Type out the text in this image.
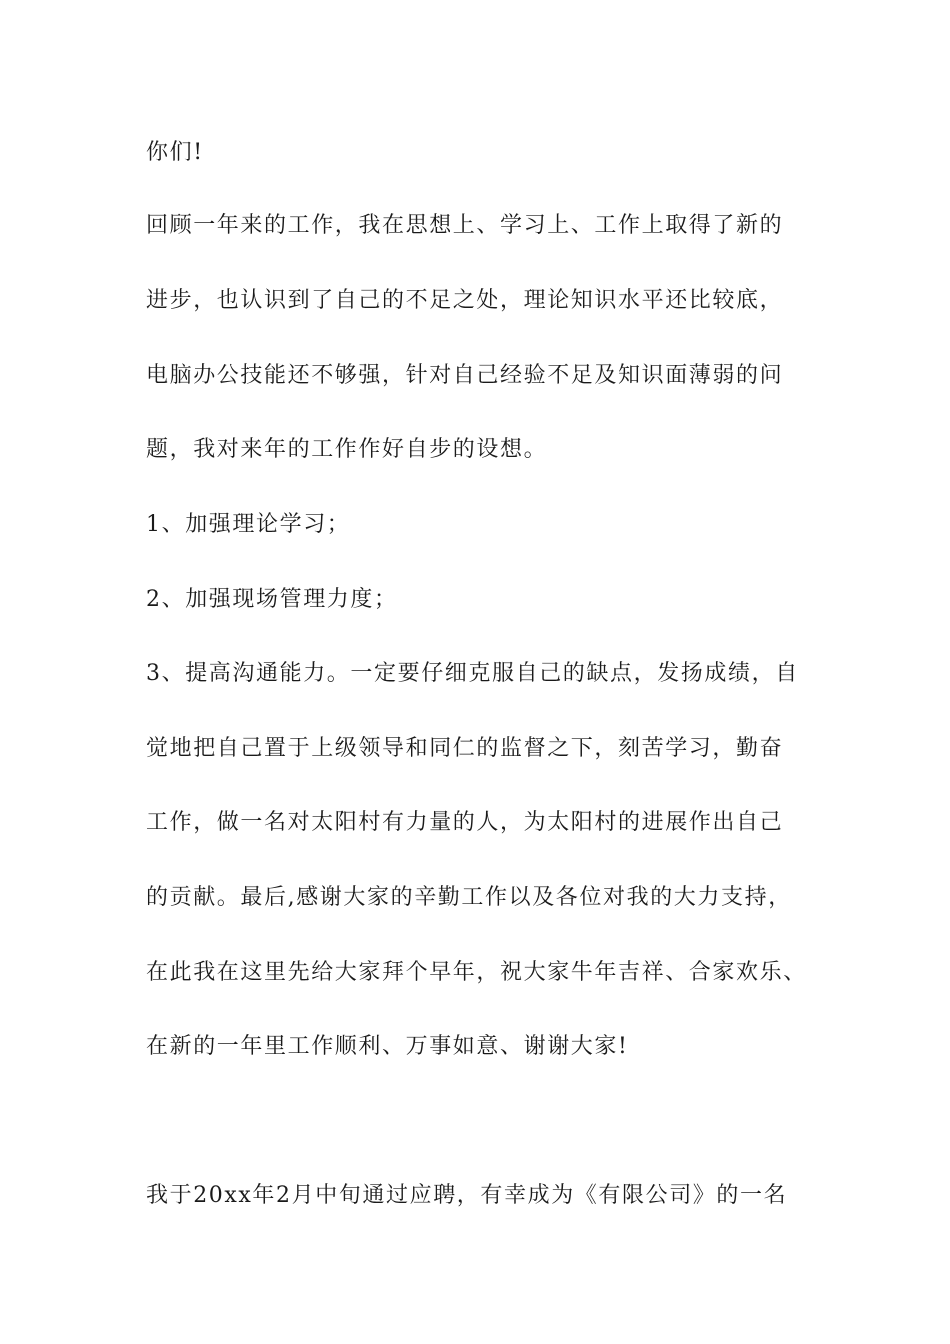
你们!

回顾一年来的工作，我在思想上、学习上、工作上取得了新的

进步，也认识到了自己的不足之处，理论知识水平还比较底，

电脑办公技能还不够强，针对自己经验不足及知识面薄弱的问

题，我对来年的工作作好自步的设想。

1、加强理论学习；

2、加强现场管理力度；

3、提高沟通能力。一定要仔细克服自己的缺点，发扬成绩，自

觉地把自己置于上级领导和同仁的监督之下，刻苦学习，勤奋

工作，做一名对太阳村有力量的人，为太阳村的进展作出自己

的贡献。最后,感谢大家的辛勤工作以及各位对我的大力支持，

在此我在这里先给大家拜个早年，祝大家牛年吉祥、合家欢乐、

在新的一年里工作顺利、万事如意、谢谢大家!

我于20xx年2月中旬通过应聘，有幸成为《有限公司》的一名
